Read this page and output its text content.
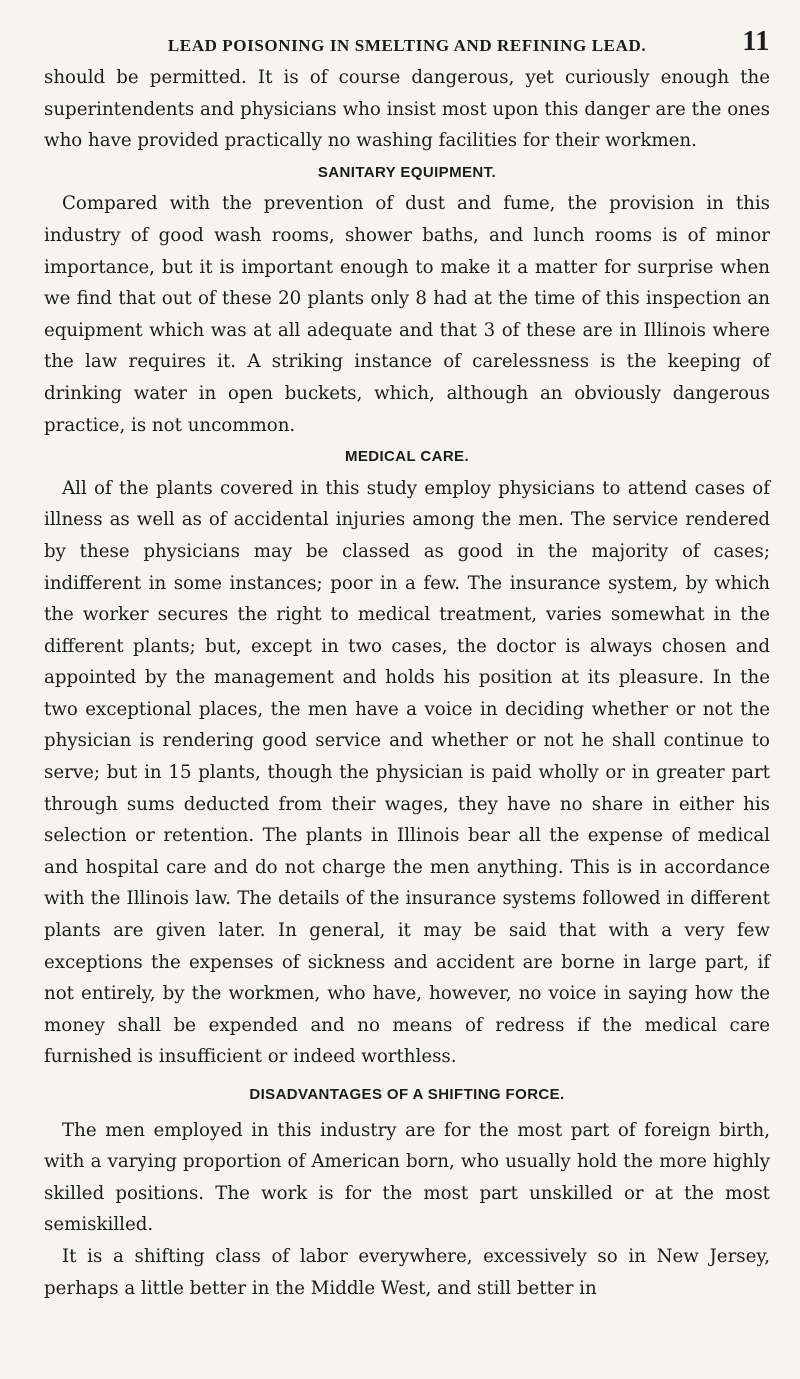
LEAD POISONING IN SMELTING AND REFINING LEAD.	11

should be permitted. It is of course dangerous, yet curiously enough the superintendents and physicians who insist most upon this danger are the ones who have provided practically no washing facilities for their workmen.

SANITARY EQUIPMENT.

Compared with the prevention of dust and fume, the provision in this industry of good wash rooms, shower baths, and lunch rooms is of minor importance, but it is important enough to make it a matter for surprise when we find that out of these 20 plants only 8 had at the time of this inspection an equipment which was at all adequate and that 3 of these are in Illinois where the law requires it. A striking instance of carelessness is the keeping of drinking water in open buckets, which, although an obviously dangerous practice, is not uncommon.

MEDICAL CARE.

All of the plants covered in this study employ physicians to attend cases of illness as well as of accidental injuries among the men. The service rendered by these physicians may be classed as good in the majority of cases; indifferent in some instances; poor in a few. The insurance system, by which the worker secures the right to medical treatment, varies somewhat in the different plants; but, except in two cases, the doctor is always chosen and appointed by the management and holds his position at its pleasure. In the two exceptional places, the men have a voice in deciding whether or not the physician is rendering good service and whether or not he shall continue to serve; but in 15 plants, though the physician is paid wholly or in greater part through sums deducted from their wages, they have no share in either his selection or retention. The plants in Illinois bear all the expense of medical and hospital care and do not charge the men anything. This is in accordance with the Illinois law. The details of the insurance systems followed in different plants are given later. In general, it may be said that with a very few exceptions the expenses of sickness and accident are borne in large part, if not entirely, by the workmen, who have, however, no voice in saying how the money shall be expended and no means of redress if the medical care furnished is insufficient or indeed worthless.

DISADVANTAGES OF A SHIFTING FORCE.

The men employed in this industry are for the most part of foreign birth, with a varying proportion of American born, who usually hold the more highly skilled positions. The work is for the most part unskilled or at the most semiskilled.

It is a shifting class of labor everywhere, excessively so in New Jersey, perhaps a little better in the Middle West, and still better in
